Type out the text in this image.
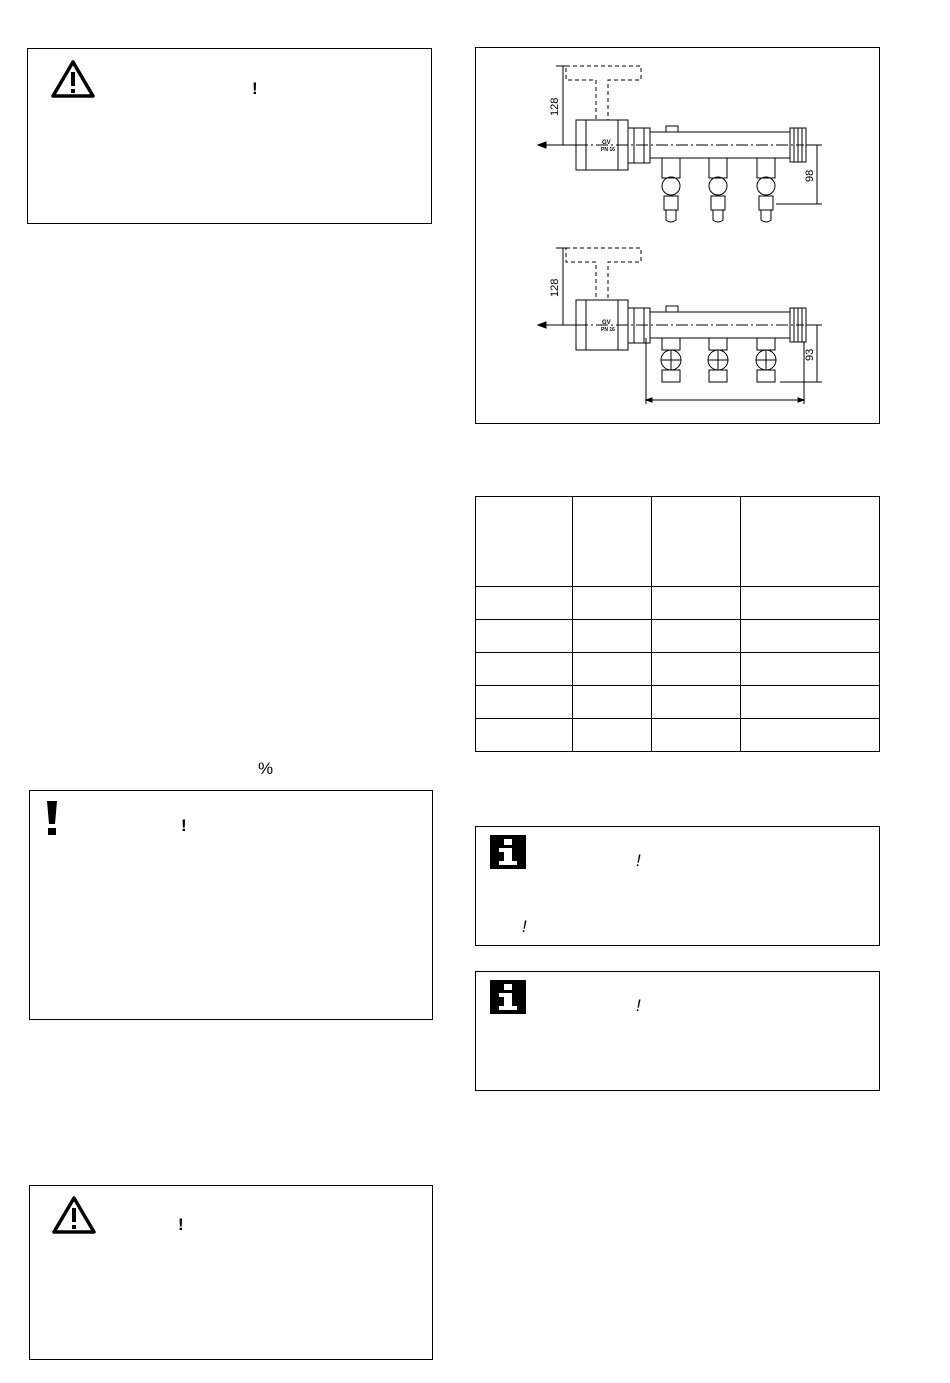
!
%
!
!
128
98
GV
PN 16
128
93
GV
PN 16

!
!
!
